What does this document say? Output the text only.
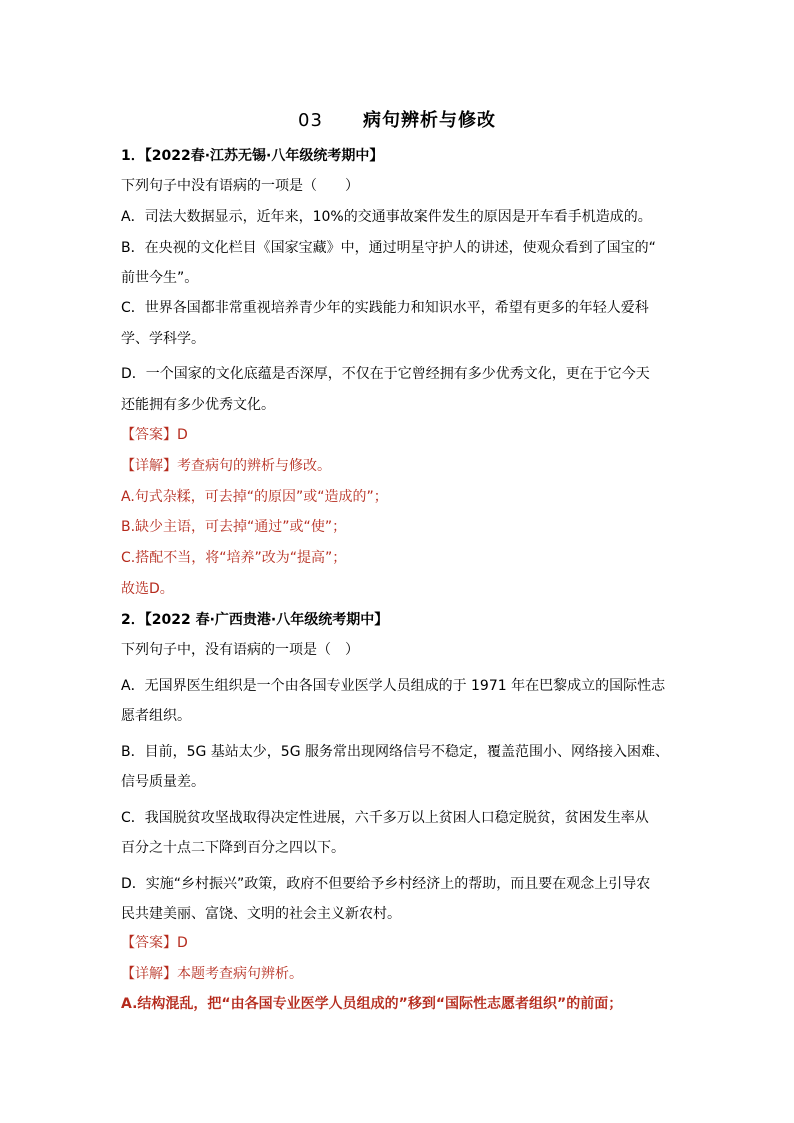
03 病句辨析与修改
1．【2022春·江苏无锡·八年级统考期中】
下列句子中没有语病的一项是（　　）
A．司法大数据显示，近年来，10%的交通事故案件发生的原因是开车看手机造成的。
B．在央视的文化栏目《国家宝藏》中，通过明星守护人的讲述，使观众看到了国宝的“
前世今生”。
C．世界各国都非常重视培养青少年的实践能力和知识水平，希望有更多的年轻人爱科
学、学科学。
D．一个国家的文化底蕴是否深厚，不仅在于它曾经拥有多少优秀文化，更在于它今天
还能拥有多少优秀文化。
【答案】D
【详解】考查病句的辨析与修改。
A.句式杂糅，可去掉“的原因”或“造成的”；
B.缺少主语，可去掉“通过”或“使”；
C.搭配不当，将“培养”改为“提高”；
故选D。
2．【2022 春·广西贵港·八年级统考期中】
下列句子中，没有语病的一项是（　）
A．无国界医生组织是一个由各国专业医学人员组成的于 1971 年在巴黎成立的国际性志
愿者组织。
B．目前，5G 基站太少，5G 服务常出现网络信号不稳定，覆盖范围小、网络接入困难、
信号质量差。
C．我国脱贫攻坚战取得决定性进展，六千多万以上贫困人口稳定脱贫，贫困发生率从
百分之十点二下降到百分之四以下。
D．实施“乡村振兴”政策，政府不但要给予乡村经济上的帮助，而且要在观念上引导农
民共建美丽、富饶、文明的社会主义新农村。
【答案】D
【详解】本题考查病句辨析。
A.结构混乱，把“由各国专业医学人员组成的”移到“国际性志愿者组织”的前面；
